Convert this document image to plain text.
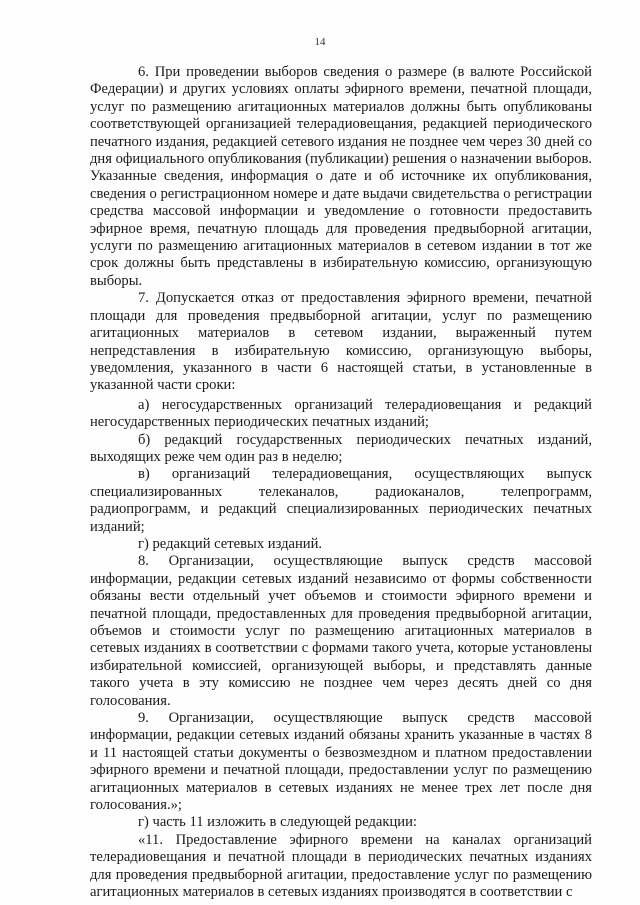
14

6. При проведении выборов сведения о размере (в валюте Российской Федерации) и других условиях оплаты эфирного времени, печатной площади, услуг по размещению агитационных материалов должны быть опубликованы соответствующей организацией телерадиовещания, редакцией периодического печатного издания, редакцией сетевого издания не позднее чем через 30 дней со дня официального опубликования (публикации) решения о назначении выборов. Указанные сведения, информация о дате и об источнике их опубликования, сведения о регистрационном номере и дате выдачи свидетельства о регистрации средства массовой информации и уведомление о готовности предоставить эфирное время, печатную площадь для проведения предвыборной агитации, услуги по размещению агитационных материалов в сетевом издании в тот же срок должны быть представлены в избирательную комиссию, организующую выборы.

7. Допускается отказ от предоставления эфирного времени, печатной площади для проведения предвыборной агитации, услуг по размещению агитационных материалов в сетевом издании, выраженный путем непредставления в избирательную комиссию, организующую выборы, уведомления, указанного в части 6 настоящей статьи, в установленные в указанной части сроки:

а) негосударственных организаций телерадиовещания и редакций негосударственных периодических печатных изданий;

б) редакций государственных периодических печатных изданий, выходящих реже чем один раз в неделю;

в) организаций телерадиовещания, осуществляющих выпуск специализированных телеканалов, радиоканалов, телепрограмм, радиопрограмм, и редакций специализированных периодических печатных изданий;

г) редакций сетевых изданий.

8. Организации, осуществляющие выпуск средств массовой информации, редакции сетевых изданий независимо от формы собственности обязаны вести отдельный учет объемов и стоимости эфирного времени и печатной площади, предоставленных для проведения предвыборной агитации, объемов и стоимости услуг по размещению агитационных материалов в сетевых изданиях в соответствии с формами такого учета, которые установлены избирательной комиссией, организующей выборы, и представлять данные такого учета в эту комиссию не позднее чем через десять дней со дня голосования.

9. Организации, осуществляющие выпуск средств массовой информации, редакции сетевых изданий обязаны хранить указанные в частях 8 и 11 настоящей статьи документы о безвозмездном и платном предоставлении эфирного времени и печатной площади, предоставлении услуг по размещению агитационных материалов в сетевых изданиях не менее трех лет после дня голосования.»;

г) часть 11 изложить в следующей редакции:

«11. Предоставление эфирного времени на каналах организаций телерадиовещания и печатной площади в периодических печатных изданиях для проведения предвыборной агитации, предоставление услуг по размещению агитационных материалов в сетевых изданиях производятся в соответствии с
